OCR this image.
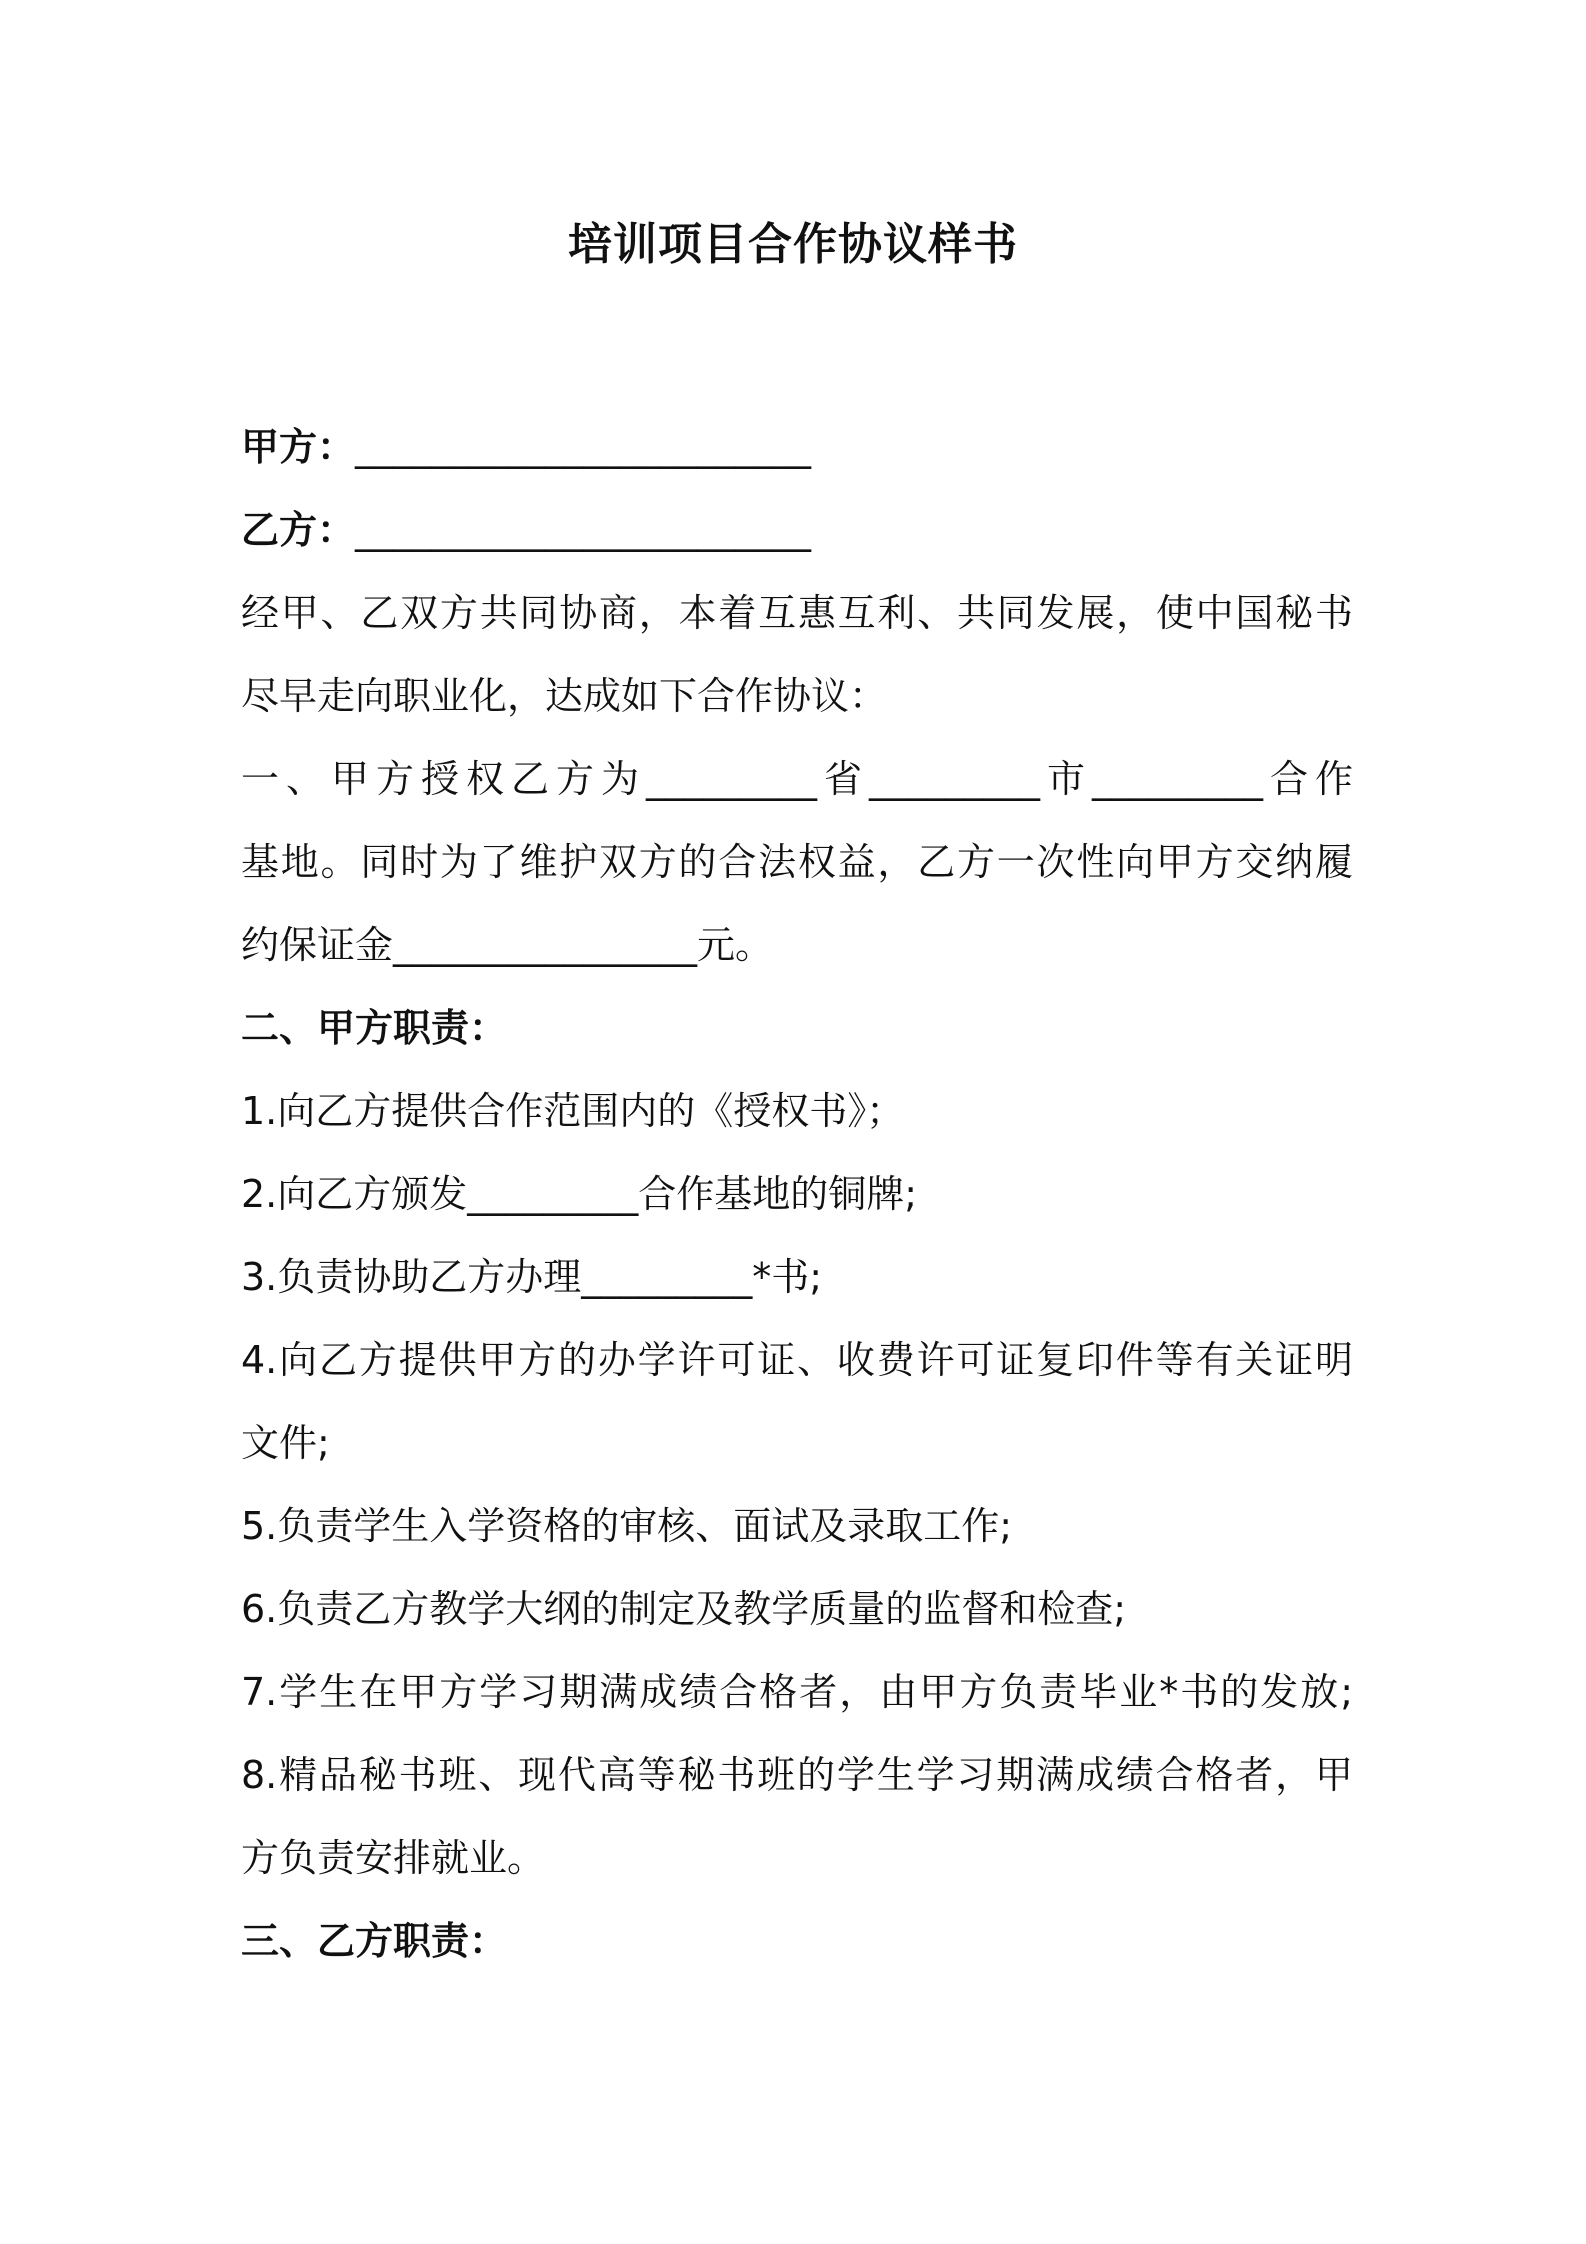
培训项目合作协议样书
甲方：________________________
乙方：________________________
经甲、乙双方共同协商，本着互惠互利、共同发展，使中国秘书
尽早走向职业化，达成如下合作协议：
一、甲方授权乙方为_________省_________市_________合作
基地。同时为了维护双方的合法权益，乙方一次性向甲方交纳履
约保证金________________元。
二、甲方职责：
1.向乙方提供合作范围内的《授权书》；
2.向乙方颁发_________合作基地的铜牌;
3.负责协助乙方办理_________*书;
4.向乙方提供甲方的办学许可证、收费许可证复印件等有关证明
文件;
5.负责学生入学资格的审核、面试及录取工作;
6.负责乙方教学大纲的制定及教学质量的监督和检查;
7.学生在甲方学习期满成绩合格者，由甲方负责毕业*书的发放;
8.精品秘书班、现代高等秘书班的学生学习期满成绩合格者，甲
方负责安排就业。
三、乙方职责：
